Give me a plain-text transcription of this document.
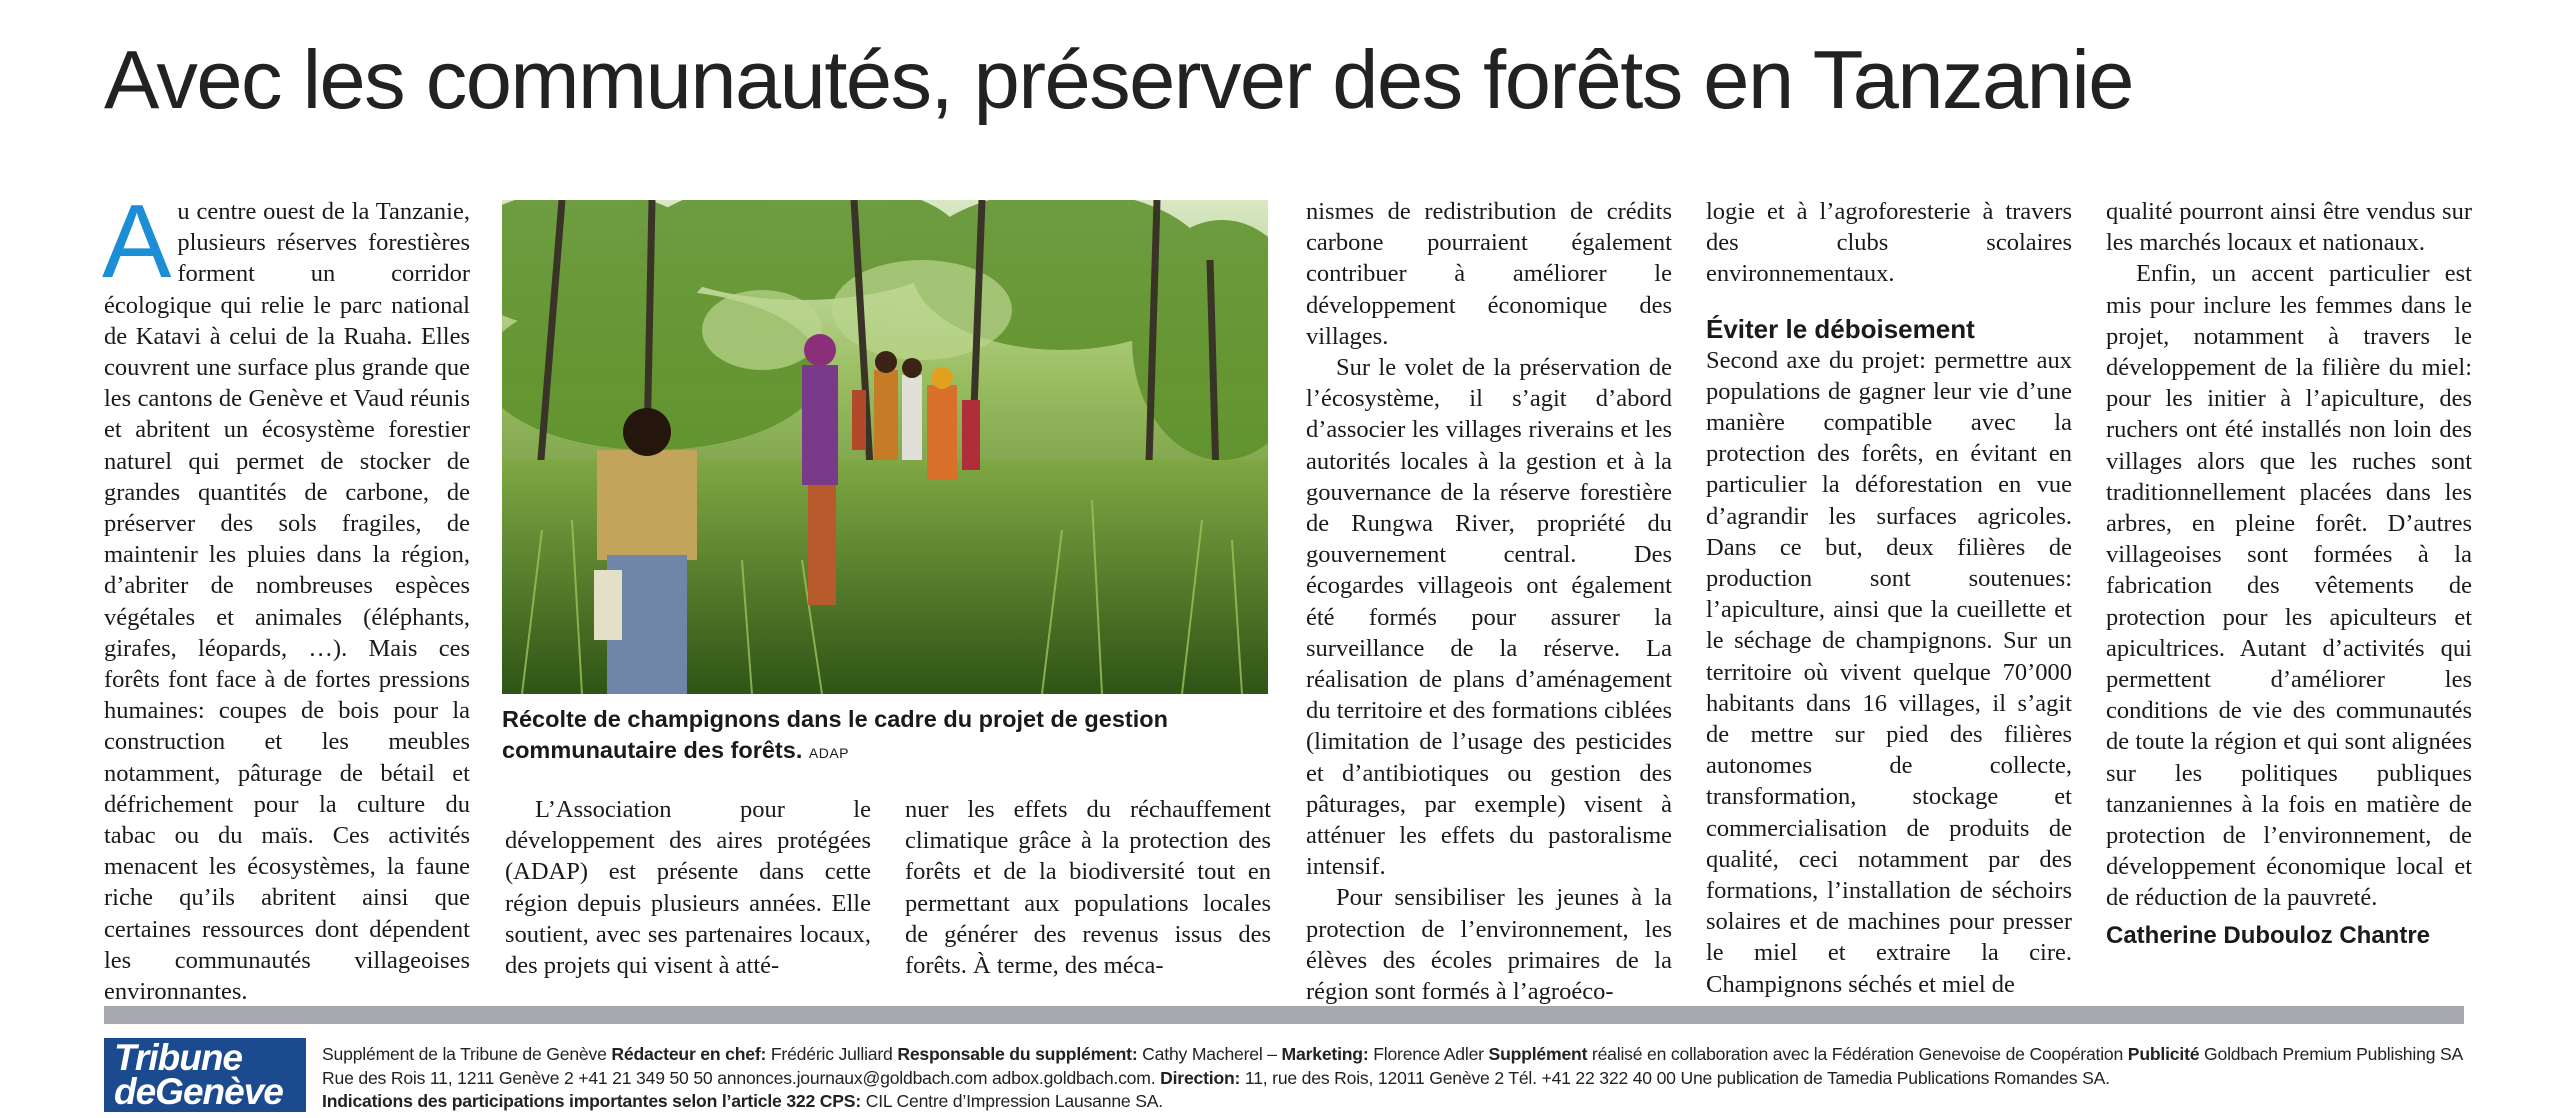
Avec les communautés, préserver des forêts en Tanzanie

Au centre ouest de la Tanzanie, plusieurs réserves forestières forment un corridor écologique qui relie le parc national de Katavi à celui de la Ruaha. Elles couvrent une surface plus grande que les cantons de Genève et Vaud réunis et abritent un écosystème forestier naturel qui permet de stocker de grandes quantités de carbone, de préserver des sols fragiles, de maintenir les pluies dans la région, d’abriter de nombreuses espèces végétales et animales (éléphants, girafes, léopards, …). Mais ces forêts font face à de fortes pressions humaines: coupes de bois pour la construction et les meubles notamment, pâturage de bétail et défrichement pour la culture du tabac ou du maïs. Ces activités menacent les écosystèmes, la faune riche qu’ils abritent ainsi que certaines ressources dont dépendent les communautés villageoises environnantes.

Récolte de champignons dans le cadre du projet de gestion communautaire des forêts. ADAP

L’Association pour le développement des aires protégées (ADAP) est présente dans cette région depuis plusieurs années. Elle soutient, avec ses partenaires locaux, des projets qui visent à atté-

nuer les effets du réchauffement climatique grâce à la protection des forêts et de la biodiversité tout en permettant aux populations locales de générer des revenus issus des forêts. À terme, des méca-

nismes de redistribution de crédits carbone pourraient également contribuer à améliorer le développement économique des villages.

Sur le volet de la préservation de l’écosystème, il s’agit d’abord d’associer les villages riverains et les autorités locales à la gestion et à la gouvernance de la réserve forestière de Rungwa River, propriété du gouvernement central. Des écogardes villageois ont également été formés pour assurer la surveillance de la réserve. La réalisation de plans d’aménagement du territoire et des formations ciblées (limitation de l’usage des pesticides et d’antibiotiques ou gestion des pâturages, par exemple) visent à atténuer les effets du pastoralisme intensif.

Pour sensibiliser les jeunes à la protection de l’environnement, les élèves des écoles primaires de la région sont formés à l’agroéco-

logie et à l’agroforesterie à travers des clubs scolaires environnementaux.

Éviter le déboisement

Second axe du projet: permettre aux populations de gagner leur vie d’une manière compatible avec la protection des forêts, en évitant en particulier la déforestation en vue d’agrandir les surfaces agricoles. Dans ce but, deux filières de production sont soutenues: l’apiculture, ainsi que la cueillette et le séchage de champignons. Sur un territoire où vivent quelque 70’000 habitants dans 16 villages, il s’agit de mettre sur pied des filières autonomes de collecte, transformation, stockage et commercialisation de produits de qualité, ceci notamment par des formations, l’installation de séchoirs solaires et de machines pour presser le miel et extraire la cire. Champignons séchés et miel de

qualité pourront ainsi être vendus sur les marchés locaux et nationaux.

Enfin, un accent particulier est mis pour inclure les femmes dans le projet, notamment à travers le développement de la filière du miel: pour les initier à l’apiculture, des ruchers ont été installés non loin des villages alors que les ruches sont traditionnellement placées dans les arbres, en pleine forêt. D’autres villageoises sont formées à la fabrication des vêtements de protection pour les apiculteurs et apicultrices. Autant d’activités qui permettent d’améliorer les conditions de vie des communautés de toute la région et qui sont alignées sur les politiques publiques tanzaniennes à la fois en matière de protection de l’environnement, de développement économique local et de réduction de la pauvreté.

Catherine Dubouloz Chantre

Tribune
deGenève
Supplément de la Tribune de Genève Rédacteur en chef: Frédéric Julliard Responsable du supplément: Cathy Macherel – Marketing: Florence Adler Supplément réalisé en collaboration avec la Fédération Genevoise de Coopération Publicité Goldbach Premium Publishing SA Rue des Rois 11, 1211 Genève 2 +41 21 349 50 50 annonces.journaux@goldbach.com adbox.goldbach.com. Direction: 11, rue des Rois, 12011 Genève 2 Tél. +41 22 322 40 00 Une publication de Tamedia Publications Romandes SA.
Indications des participations importantes selon l’article 322 CPS: CIL Centre d’Impression Lausanne SA.
